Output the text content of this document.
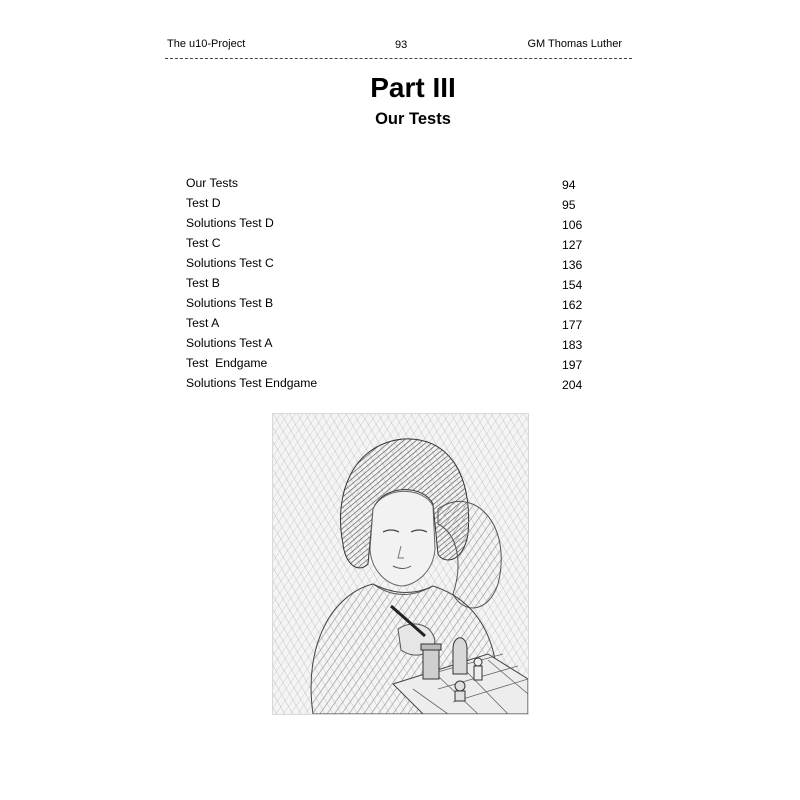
The u10-Project	93	GM Thomas Luther
Part III
Our Tests
Our Tests	94
Test D	95
Solutions Test D	106
Test C	127
Solutions Test C	136
Test B	154
Solutions Test B	162
Test A	177
Solutions Test A	183
Test  Endgame	197
Solutions Test Endgame	204
